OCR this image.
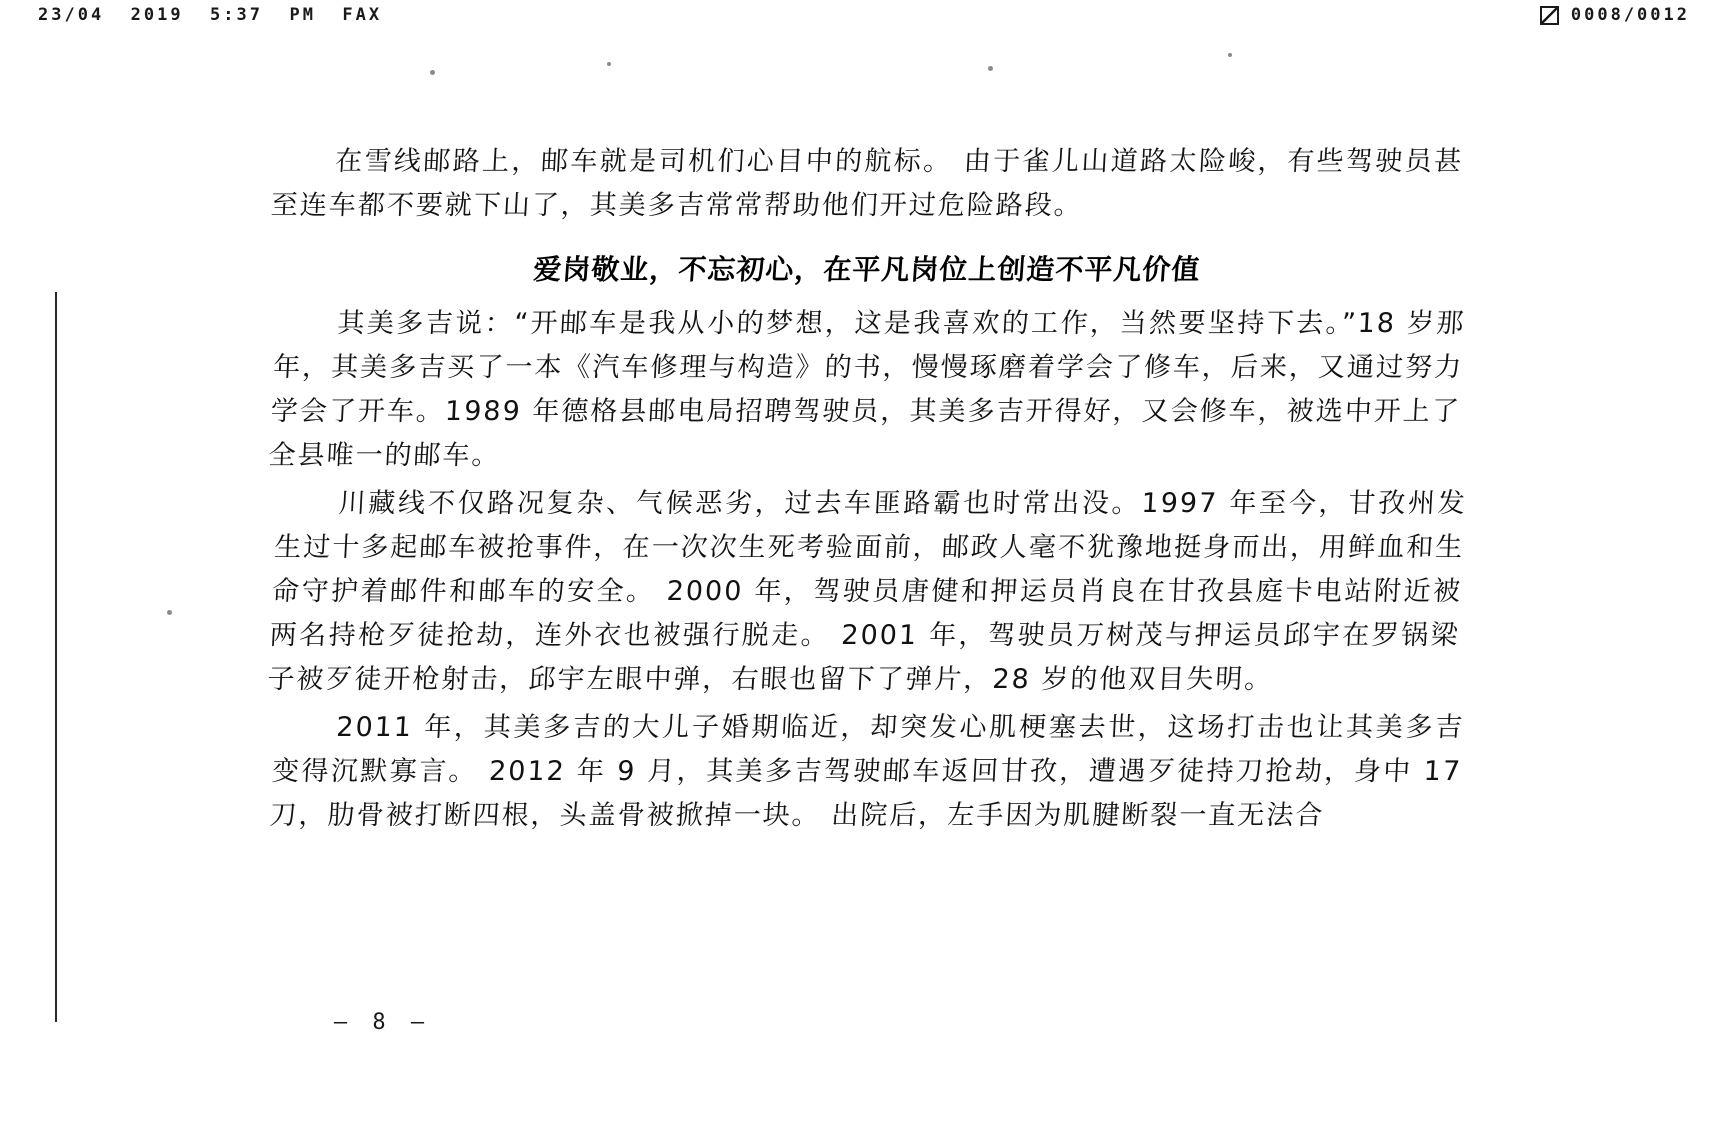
23/04  2019  5:37  PM  FAX	0008/0012

在雪线邮路上，邮车就是司机们心目中的航标。 由于雀儿山道路太险峻，有些驾驶员甚至连车都不要就下山了，其美多吉常常帮助他们开过危险路段。

爱岗敬业，不忘初心，在平凡岗位上创造不平凡价值

其美多吉说：“开邮车是我从小的梦想，这是我喜欢的工作，当然要坚持下去。”18 岁那年，其美多吉买了一本《汽车修理与构造》的书，慢慢琢磨着学会了修车，后来，又通过努力学会了开车。1989 年德格县邮电局招聘驾驶员，其美多吉开得好，又会修车，被选中开上了全县唯一的邮车。

川藏线不仅路况复杂、气候恶劣，过去车匪路霸也时常出没。1997 年至今，甘孜州发生过十多起邮车被抢事件，在一次次生死考验面前，邮政人毫不犹豫地挺身而出，用鲜血和生命守护着邮件和邮车的安全。 2000 年，驾驶员唐健和押运员肖良在甘孜县庭卡电站附近被两名持枪歹徒抢劫，连外衣也被强行脱走。 2001 年，驾驶员万树茂与押运员邱宇在罗锅梁子被歹徒开枪射击，邱宇左眼中弹，右眼也留下了弹片，28 岁的他双目失明。

2011 年，其美多吉的大儿子婚期临近，却突发心肌梗塞去世，这场打击也让其美多吉变得沉默寡言。 2012 年 9 月，其美多吉驾驶邮车返回甘孜，遭遇歹徒持刀抢劫，身中 17 刀，肋骨被打断四根，头盖骨被掀掉一块。 出院后，左手因为肌腱断裂一直无法合

— 8 —
